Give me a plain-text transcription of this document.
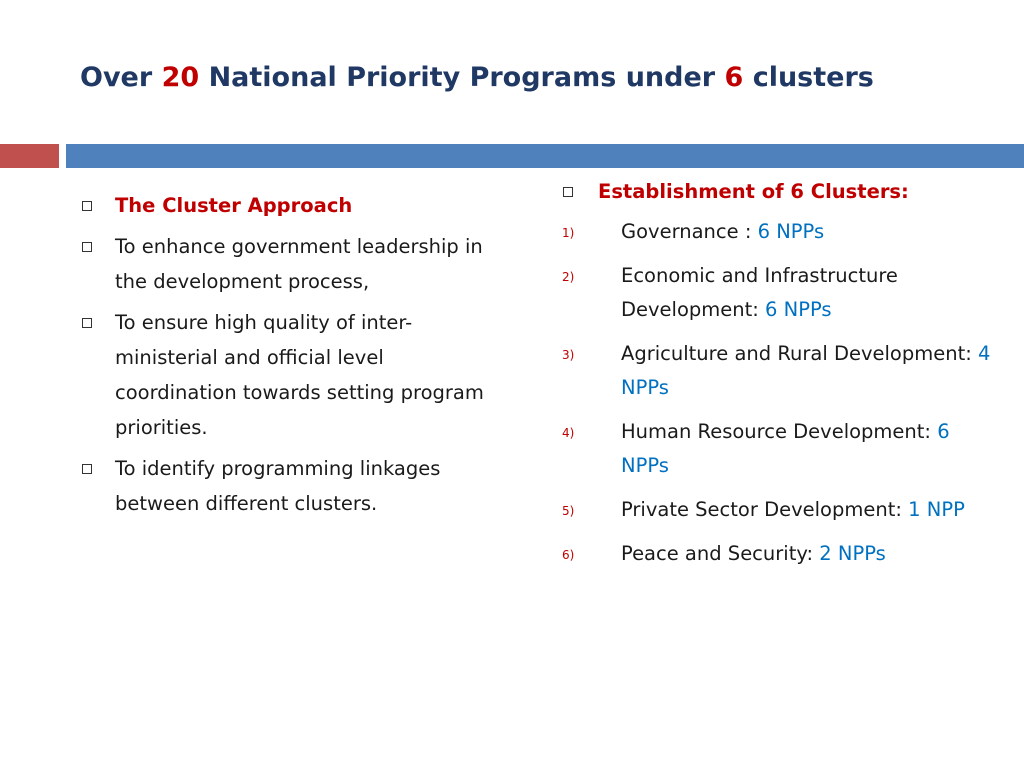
Over 20 National Priority Programs under 6 clusters
The Cluster Approach
To enhance government leadership in the development process,
To ensure high quality of inter-ministerial and official level coordination towards setting program priorities.
To identify programming linkages between different clusters.
Establishment of 6 Clusters:
1) Governance : 6 NPPs
2) Economic and Infrastructure Development: 6 NPPs
3) Agriculture and Rural Development: 4 NPPs
4) Human Resource Development: 6 NPPs
5) Private Sector Development: 1 NPP
6) Peace and Security: 2 NPPs
